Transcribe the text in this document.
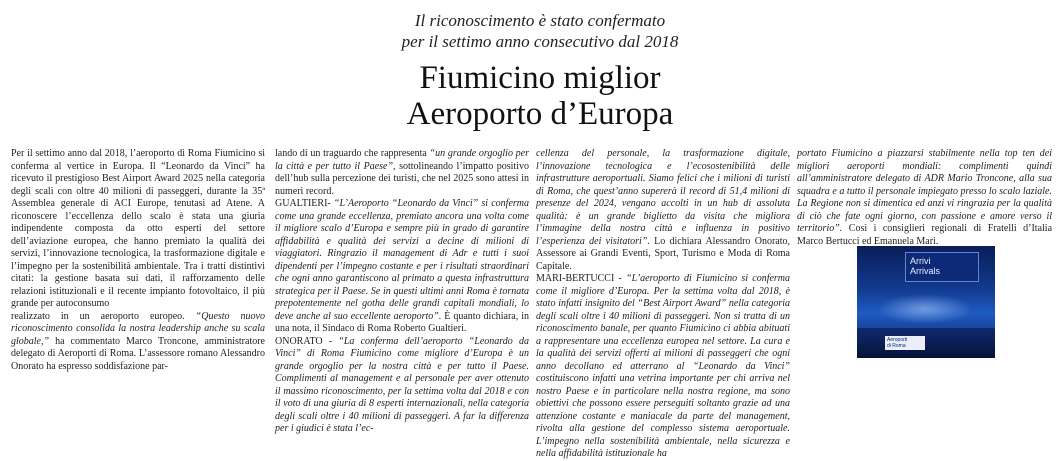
Il riconoscimento è stato confermato
per il settimo anno consecutivo dal 2018
Fiumicino miglior
Aeroporto d’Europa

Per il settimo anno dal 2018, l’aeroporto di Roma Fiumicino si conferma al vertice in Europa. Il “Leonardo da Vinci” ha ricevuto il prestigioso Best Airport Award 2025 nella categoria degli scali con oltre 40 milioni di passeggeri, durante la 35ª Assemblea generale di ACI Europe, tenutasi ad Atene. A riconoscere l’eccellenza dello scalo è stata una giuria indipendente composta da otto esperti del settore dell’aviazione europea, che hanno premiato la qualità dei servizi, l’innovazione tecnologica, la trasformazione digitale e l’impegno per la sostenibilità ambientale. Tra i tratti distintivi citati: la gestione basata sui dati, il rafforzamento delle relazioni istituzionali e il recente impianto fotovoltaico, il più grande per autoconsumo

realizzato in un aeroporto europeo. “Questo nuovo riconoscimento consolida la nostra leadership anche su scala globale,” ha commentato Marco Troncone, amministratore delegato di Aeroporti di Roma. L’assessore romano Alessandro Onorato ha espresso soddisfazione par-

lando di un traguardo che rappresenta “un grande orgoglio per la città e per tutto il Paese”, sottolineando l’impatto positivo dell’hub sulla percezione dei turisti, che nel 2025 sono attesi in numeri record.

GUALTIERI- “L’Aeroporto “Leonardo da Vinci” si conferma come una grande eccellenza, premiato ancora una volta come il migliore scalo d’Europa e sempre più in grado di garantire affidabilità e qualità dei servizi a decine di milioni di viaggiatori. Ringrazio il management di Adr e tutti i suoi dipendenti per l’impegno costante e per i risultati straordinari che ogni anno garantiscono al primato a questa infrastruttura strategica per il Paese. Se in questi ultimi anni Roma è tornata prepotentemente nel gotha delle grandi capitali mondiali, lo deve anche al suo eccellente aeroporto”. È quanto dichiara, in una nota, il Sindaco di Roma Roberto Gualtieri.

ONORATO - “La conferma dell’aeroporto “Leonardo da Vinci” di Roma Fiumicino come migliore d’Europa è un grande orgoglio per la nostra città e per tutto il Paese. Complimenti al management e al personale per aver ottenuto il massimo riconoscimento, per la settima volta dal 2018 e con il voto di una giuria di 8 esperti internazionali, nella categoria degli scali oltre i 40 milioni di passeggeri. A far la differenza per i giudici è stata l’ec-

cellenza del personale, la trasformazione digitale, l’innovazione tecnologica e l’ecosostenibilità delle infrastrutture aeroportuali. Siamo felici che i milioni di turisti di Roma, che quest’anno supererà il record di 51,4 milioni di presenze del 2024, vengano accolti in un hub di assoluta qualità: è un grande biglietto da visita che migliora l’immagine della nostra città e influenza in positivo l’esperienza dei visitatori”. Lo dichiara Alessandro Onorato, Assessore ai Grandi Eventi, Sport, Turismo e Moda di Roma Capitale.

MARI-BERTUCCI - “L’aeroporto di Fiumicino si conferma come il migliore d’Europa. Per la settima volta dal 2018, è stato infatti insignito del “Best Airport Award” nella categoria degli scali oltre i 40 milioni di passeggeri. Non si tratta di un riconoscimento banale, per quanto Fiumicino ci abbia abituati a rappresentare una eccellenza europea nel settore. La cura e la qualità dei servizi offerti ai milioni di passeggeri che ogni anno decollano ed atterrano al “Leonardo da Vinci” costituiscono infatti una vetrina importante per chi arriva nel nostro Paese e in particolare nella nostra regione, ma sono obiettivi che possono essere perseguiti soltanto grazie ad una attenzione costante e maniacale da parte del management, rivolta alla gestione del complesso sistema aeroportuale. L’impegno nella sostenibilità ambientale, nella sicurezza e nella affidabilità istituzionale ha

portato Fiumicino a piazzarsi stabilmente nella top ten dei migliori aeroporti mondiali: complimenti quindi all’amministratore delegato di ADR Mario Troncone, alla sua squadra e a tutto il personale impiegato presso lo scalo laziale. La Regione non si dimentica ed anzi vi ringrazia per la qualità di ciò che fate ogni giorno, con passione e amore verso il territorio”. Così i consiglieri regionali di Fratelli d’Italia Marco Bertucci ed Emanuela Mari.

Arrivi
Arrivals
Aeroporti
di Roma
